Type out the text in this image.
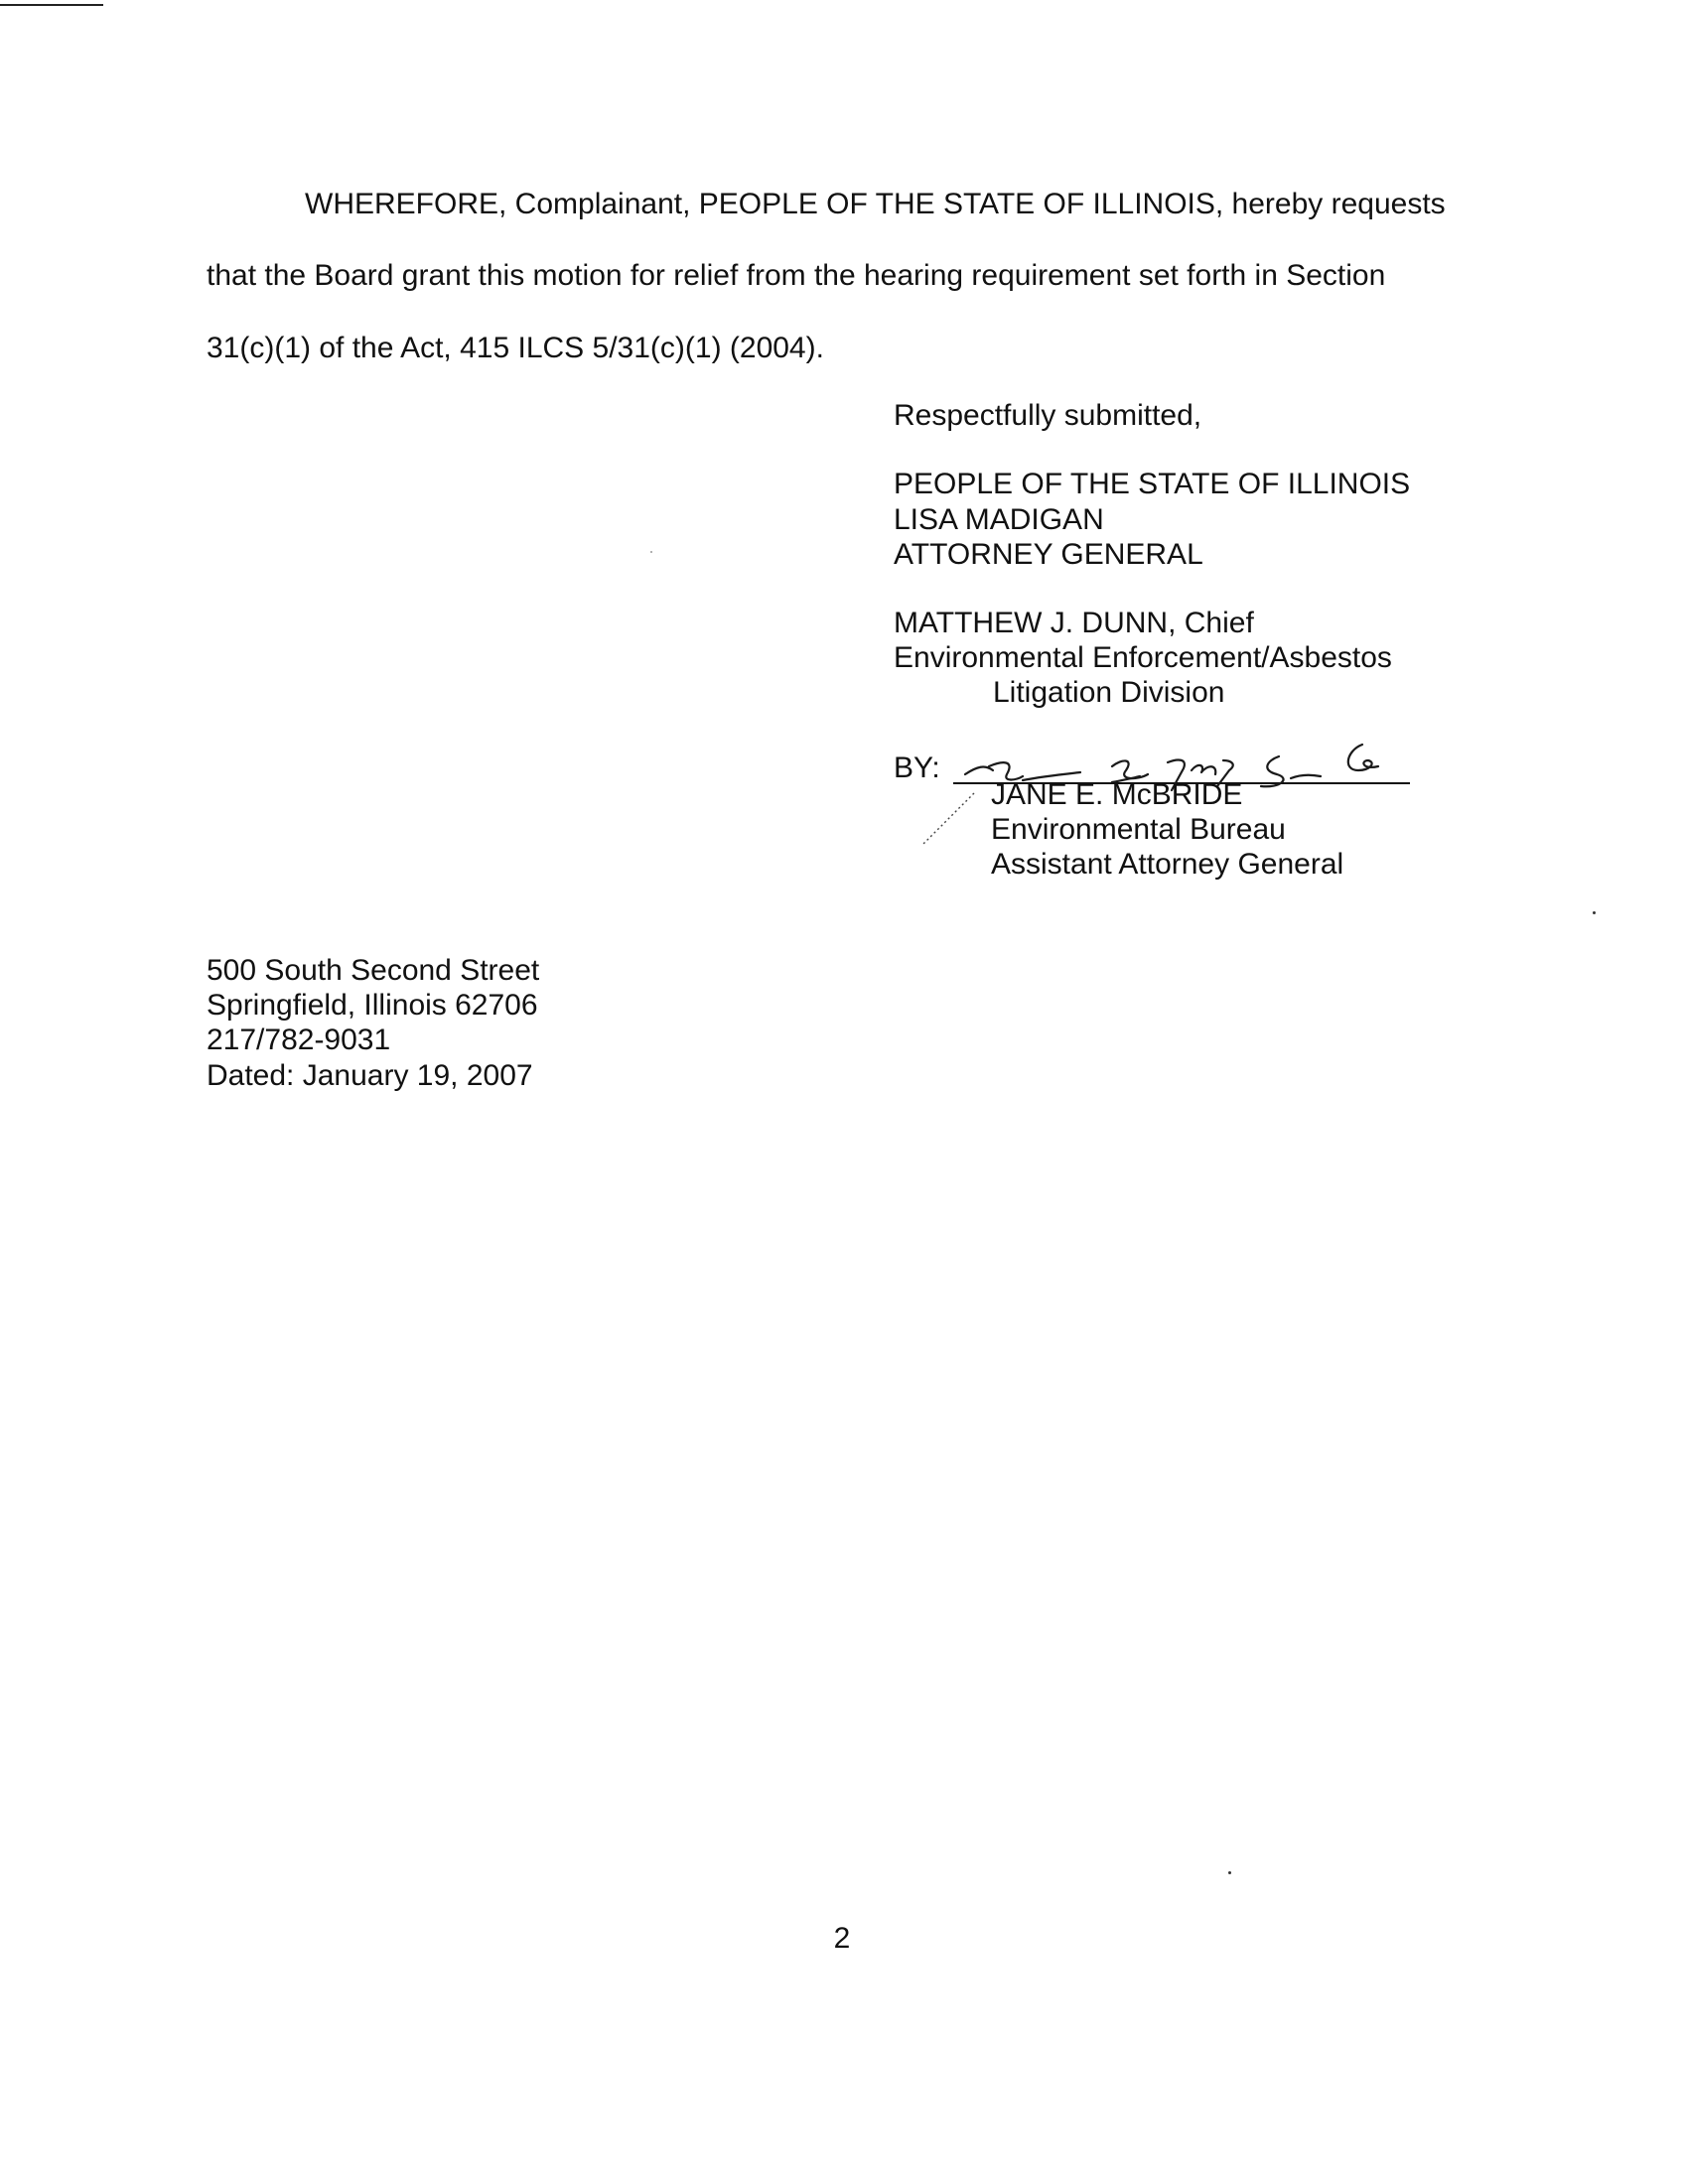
WHEREFORE, Complainant, PEOPLE OF THE STATE OF ILLINOIS, hereby requests
that the Board grant this motion for relief from the hearing requirement set forth in Section
31(c)(1) of the Act, 415 ILCS 5/31(c)(1) (2004).
Respectfully submitted,
PEOPLE OF THE STATE OF ILLINOIS
LISA MADIGAN
ATTORNEY GENERAL
MATTHEW J. DUNN, Chief
Environmental Enforcement/Asbestos
Litigation Division
BY:
JANE E. McBRIDE
Environmental Bureau
Assistant Attorney General
500 South Second Street
Springfield, Illinois 62706
217/782-9031
Dated: January 19, 2007
2
